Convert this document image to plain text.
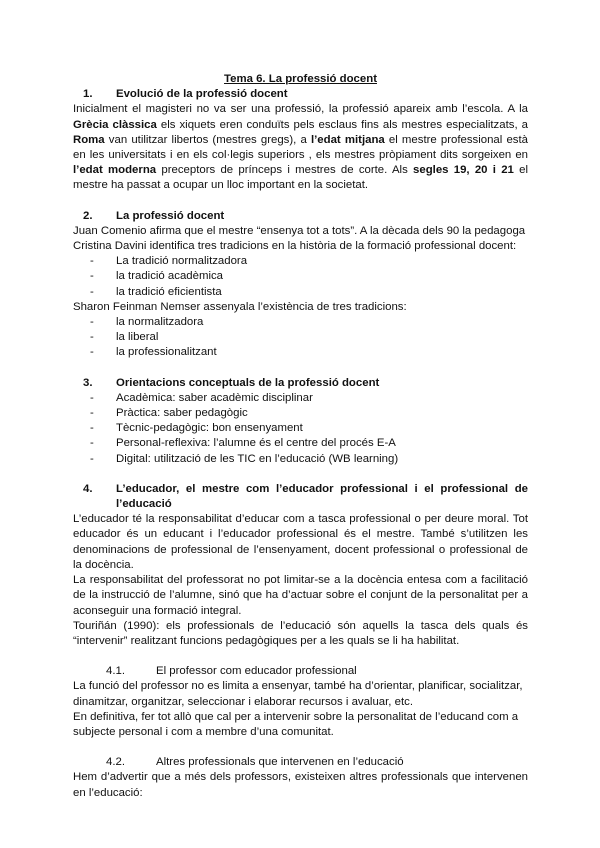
Tema 6. La professió docent

1.	Evolució de la professió docent

Inicialment el magisteri no va ser una professió, la professió apareix amb l’escola. A la Grècia clàssica els xiquets eren conduïts pels esclaus fins als mestres especialitzats, a Roma van utilitzar libertos (mestres gregs), a l’edat mitjana el mestre professional està en les universitats i en els col·legis superiors , els mestres pròpiament dits sorgeixen en l’edat moderna preceptors de prínceps i mestres de corte. Als segles 19, 20 i 21 el mestre ha passat a ocupar un lloc important en la societat.

2.	La professió docent

Juan Comenio afirma que el mestre “ensenya tot a tots”. A la dècada dels 90 la pedagoga Cristina Davini identifica tres tradicions en la història de la formació professional docent:

-	La tradició normalitzadora
-	la tradició acadèmica
-	la tradició eficientista

Sharon Feinman Nemser assenyala l’existència de tres tradicions:

-	la normalitzadora
-	la liberal
-	la professionalitzant
3.	Orientacions conceptuals de la professió docent
-	Acadèmica: saber acadèmic disciplinar
-	Pràctica: saber pedagògic
-	Tècnic-pedagògic: bon ensenyament
-	Personal-reflexiva: l’alumne és el centre del procés E-A
-	Digital: utilització de les TIC en l’educació (WB learning)
4.	L’educador, el mestre com l’educador professional i el professional de l’educació

L’educador té la responsabilitat d’educar com a tasca professional o per deure moral. Tot educador és un educant i l’educador professional és el mestre. També s’utilitzen les denominacions de professional de l’ensenyament, docent professional o professional de la docència.

La responsabilitat del professorat no pot limitar-se a la docència entesa com a facilitació de la instrucció de l’alumne, sinó que ha d’actuar sobre el conjunt de la personalitat per a aconseguir una formació integral.

Touriñán (1990): els professionals de l’educació són aquells la tasca dels quals és “intervenir” realitzant funcions pedagògiques per a les quals se li ha habilitat.

4.1.	El professor com educador professional

La funció del professor no es limita a ensenyar, també ha d’orientar, planificar, socialitzar, dinamitzar, organitzar, seleccionar i elaborar recursos i avaluar, etc.

En definitiva, fer tot allò que cal per a intervenir sobre la personalitat de l’educand com a subjecte personal i com a membre d’una comunitat.

4.2.	Altres professionals que intervenen en l’educació

Hem d’advertir que a més dels professors, existeixen altres professionals que intervenen en l’educació:
